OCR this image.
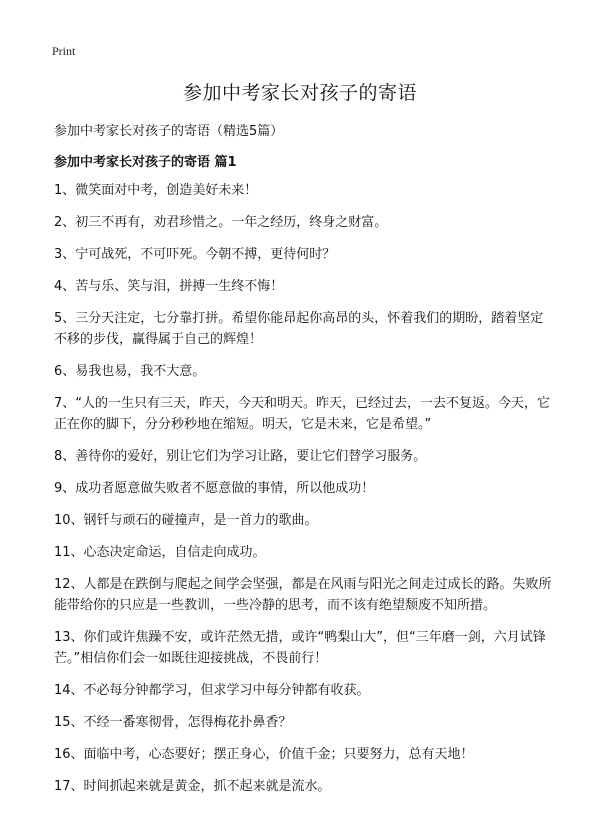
Print
参加中考家长对孩子的寄语

参加中考家长对孩子的寄语（精选5篇）

参加中考家长对孩子的寄语 篇1
1、微笑面对中考，创造美好未来！
2、初三不再有，劝君珍惜之。一年之经历，终身之财富。
3、宁可战死，不可吓死。今朝不搏，更待何时？
4、苦与乐、笑与泪，拼搏一生终不悔！
5、三分天注定，七分靠打拼。希望你能昂起你高昂的头，怀着我们的期盼，踏着坚定不移的步伐，赢得属于自己的辉煌！
6、易我也易，我不大意。
7、“人的一生只有三天，昨天，今天和明天。昨天，已经过去，一去不复返。今天，它正在你的脚下，分分秒秒地在缩短。明天，它是未来，它是希望。”
8、善待你的爱好，别让它们为学习让路，要让它们替学习服务。
9、成功者愿意做失败者不愿意做的事情，所以他成功！
10、钢钎与顽石的碰撞声，是一首力的歌曲。
11、心态决定命运，自信走向成功。
12、人都是在跌倒与爬起之间学会坚强，都是在风雨与阳光之间走过成长的路。失败所能带给你的只应是一些教训，一些冷静的思考，而不该有绝望颓废不知所措。
13、你们或许焦躁不安，或许茫然无措，或许“鸭梨山大”，但“三年磨一剑，六月试锋芒。”相信你们会一如既往迎接挑战，不畏前行！
14、不必每分钟都学习，但求学习中每分钟都有收获。
15、不经一番寒彻骨，怎得梅花扑鼻香？
16、面临中考，心态要好；摆正身心，价值千金；只要努力，总有天地！
17、时间抓起来就是黄金，抓不起来就是流水。
